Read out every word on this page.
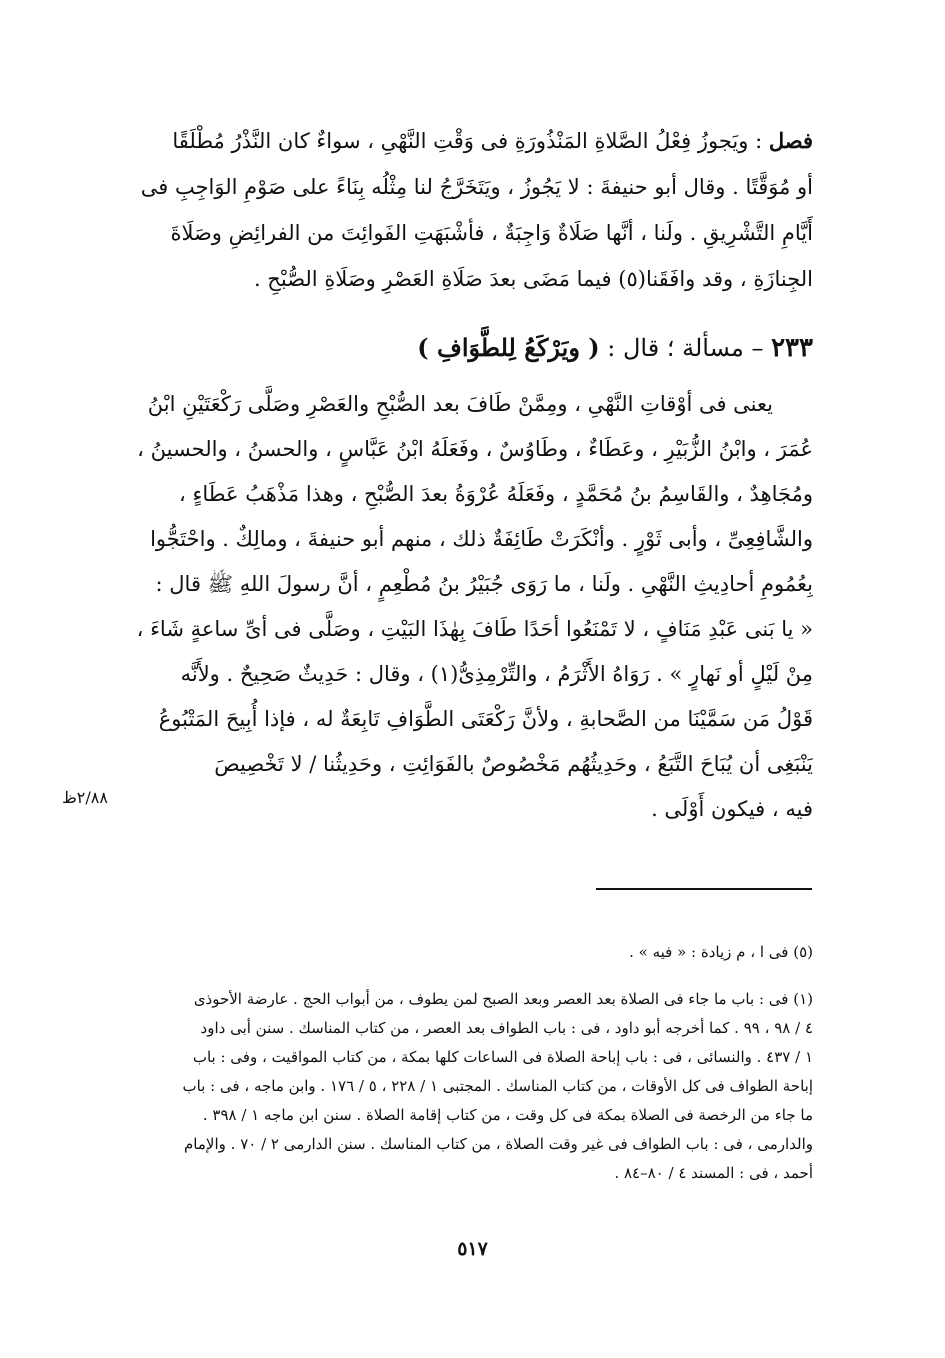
فصل : ويَجوزُ فِعْلُ الصَّلاةِ المَنْذُورَةِ فى وَقْتِ النَّهْىِ ، سواءٌ كان النَّذْرُ مُطْلَقًا
أو مُوَقَّتًا . وقال أبو حنيفةَ : لا يَجُوزُ ، ويَتَخَرَّجُ لنا مِثْلُه بِنَاءً على صَوْمِ الوَاجِبِ فى
أَيَّامِ التَّشْرِيقِ . ولَنا ، أنَّها صَلَاةٌ وَاجِبَةٌ ، فأشْبَهَتِ الفَوائِتَ من الفرائِضِ وصَلَاةَ
الجِنازَةِ ، وقد وافَقَنا(٥) فيما مَضَى بعدَ صَلَاةِ العَصْرِ وصَلَاةِ الصُّبْحِ .
٢٣٣ – مسألة ؛ قال : ( ويَرْكَعُ لِلطَّوَافِ )
يعنى فى أوْقاتِ النَّهْىِ ، ومِمَّنْ طَافَ بعد الصُّبْحِ والعَصْرِ وصَلَّى رَكْعَتَيْنِ ابْنُ
عُمَرَ ، وابْنُ الزُّبَيْرِ ، وعَطَاءٌ ، وطَاوُسٌ ، وفَعَلَهُ ابْنُ عَبَّاسٍ ، والحسنُ ، والحسينُ ،
ومُجَاهِدٌ ، والقَاسِمُ بنُ مُحَمَّدٍ ، وفَعَلَهُ عُرْوَةُ بعدَ الصُّبْحِ ، وهذا مَذْهَبُ عَطَاءٍ ،
والشَّافِعِىِّ ، وأبى ثَوْرٍ . وأنْكَرَتْ طَائِفَةٌ ذلك ، منهم أبو حنيفةَ ، ومالِكٌ . واحْتَجُّوا
بِعُمُومِ أحادِيثِ النَّهْىِ . ولَنا ، ما رَوَى جُبَيْرُ بنُ مُطْعِمٍ ، أنَّ رسولَ اللهِ ﷺ قال :
« يا بَنى عَبْدِ مَنَافٍ ، لا تَمْنَعُوا أحَدًا طَافَ بِهٰذَا البَيْتِ ، وصَلَّى فى أىِّ ساعةٍ شَاءَ ،
مِنْ لَيْلٍ أو نَهارٍ » . رَوَاهُ الأَثْرَمُ ، والتِّرْمِذِىُّ(١) ، وقال : حَدِيثٌ صَحِيحٌ . ولأَنَّه
قَوْلُ مَن سَمَّيْنَا من الصَّحابةِ ، ولأنَّ رَكْعَتَى الطَّوَافِ تَابِعَةٌ له ، فإذا أُبِيحَ المَتْبُوعُ
يَنْبَغِى أن يُبَاحَ التَّبَعُ ، وحَدِيثُهُم مَخْصُوصٌ بالفَوَائِتِ ، وحَدِيثُنا / لا تَخْصِيصَ
فيه ، فيكون أَوْلَى .
٢/٨٨ظ
(٥) فى ا ، م زيادة : « فيه » .
(١) فى : باب ما جاء فى الصلاة بعد العصر وبعد الصبح لمن يطوف ، من أبواب الحج . عارضة الأحوذى
٤ / ٩٨ ، ٩٩ . كما أخرجه أبو داود ، فى : باب الطواف بعد العصر ، من كتاب المناسك . سنن أبى داود
١ / ٤٣٧ . والنسائى ، فى : باب إباحة الصلاة فى الساعات كلها بمكة ، من كتاب المواقيت ، وفى : باب
إباحة الطواف فى كل الأوقات ، من كتاب المناسك . المجتبى ١ / ٢٢٨ ، ٥ / ١٧٦ . وابن ماجه ، فى : باب
ما جاء من الرخصة فى الصلاة بمكة فى كل وقت ، من كتاب إقامة الصلاة . سنن ابن ماجه ١ / ٣٩٨ .
والدارمى ، فى : باب الطواف فى غير وقت الصلاة ، من كتاب المناسك . سنن الدارمى ٢ / ٧٠ . والإمام
أحمد ، فى : المسند ٤ / ٨٠–٨٤ .
٥١٧
